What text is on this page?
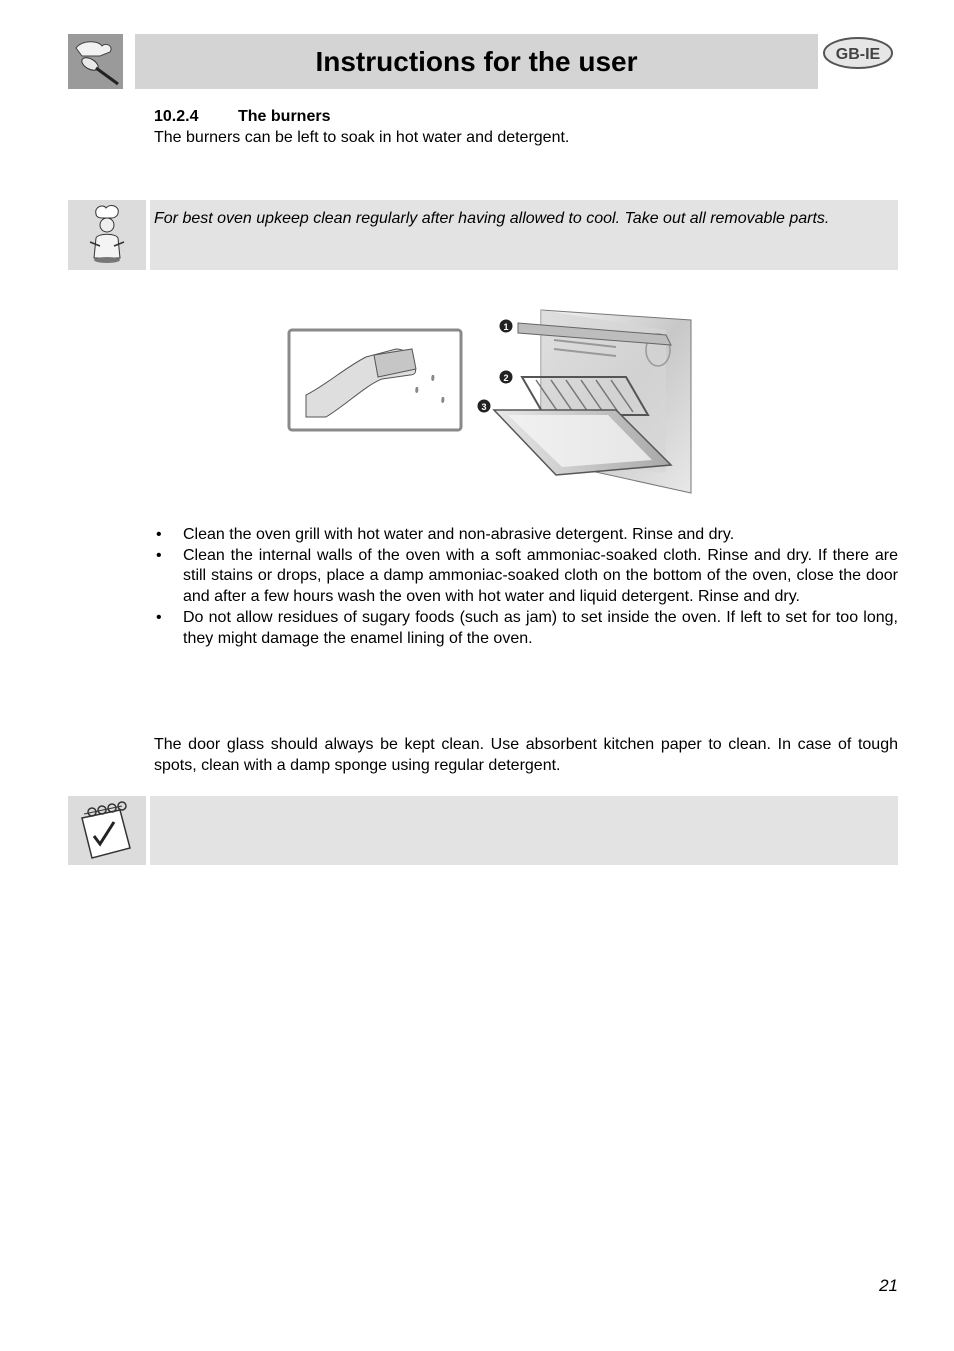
Instructions for the user	GB-IE
10.2.4 The burners
The burners can be left to soak in hot water and detergent.
For best oven upkeep clean regularly after having allowed to cool. Take out all removable parts.
1
2
3
• Clean the oven grill with hot water and non-abrasive detergent. Rinse and dry.
• Clean the internal walls of the oven with a soft ammoniac-soaked cloth. Rinse and dry. If there are still stains or drops, place a damp ammoniac-soaked cloth on the bottom of the oven, close the door and after a few hours wash the oven with hot water and liquid detergent. Rinse and dry.
• Do not allow residues of sugary foods (such as jam) to set inside the oven. If left to set for too long, they might damage the enamel lining of the oven.
The door glass should always be kept clean. Use absorbent kitchen paper to clean. In case of tough spots, clean with a damp sponge using regular detergent.
21
